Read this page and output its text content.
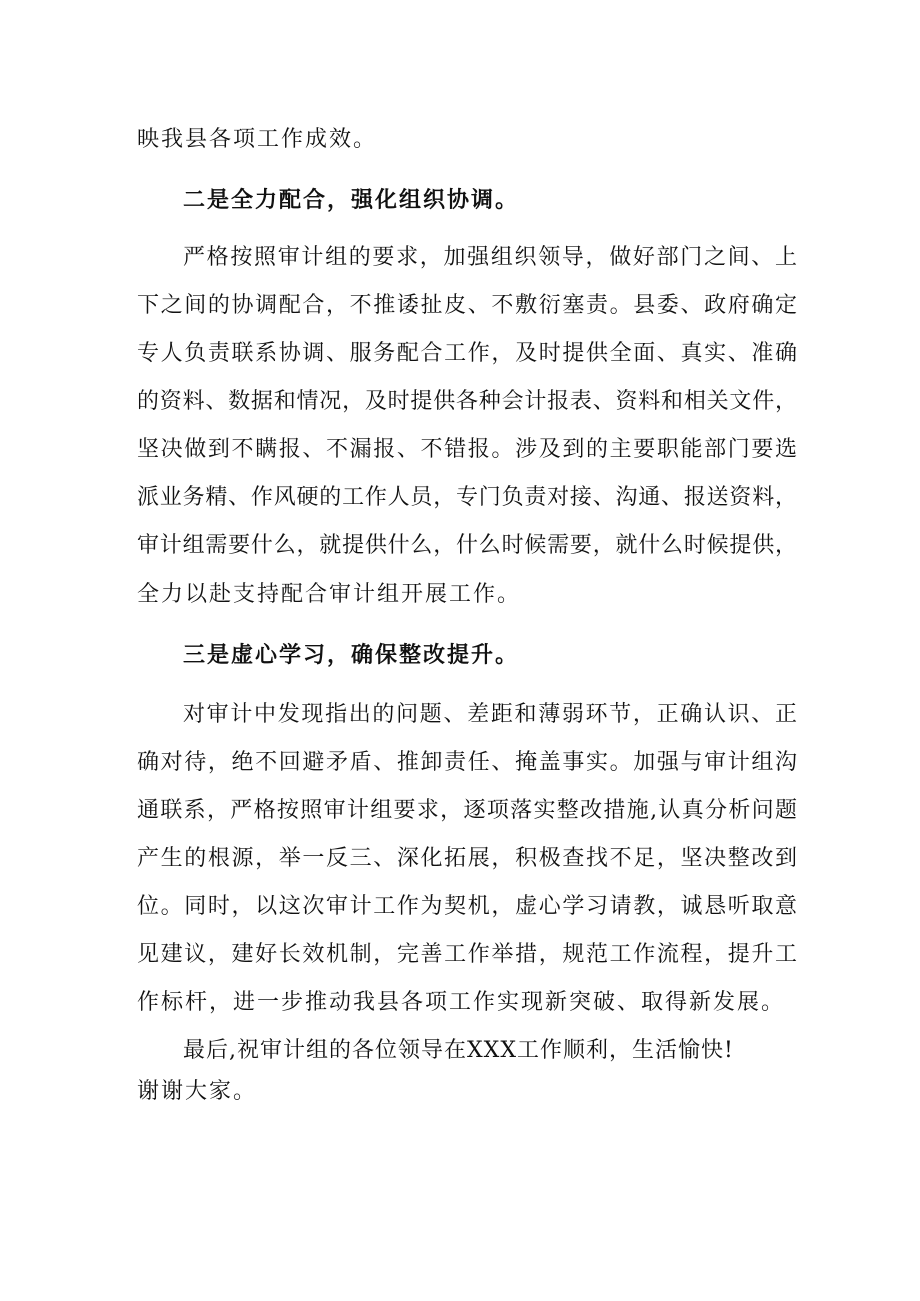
映我县各项工作成效。
二是全力配合，强化组织协调。
严格按照审计组的要求，加强组织领导，做好部门之间、上
下之间的协调配合，不推诿扯皮、不敷衍塞责。县委、政府确定
专人负责联系协调、服务配合工作，及时提供全面、真实、准确
的资料、数据和情况，及时提供各种会计报表、资料和相关文件，
坚决做到不瞒报、不漏报、不错报。涉及到的主要职能部门要选
派业务精、作风硬的工作人员，专门负责对接、沟通、报送资料，
审计组需要什么，就提供什么，什么时候需要，就什么时候提供，
全力以赴支持配合审计组开展工作。
三是虚心学习，确保整改提升。
对审计中发现指出的问题、差距和薄弱环节，正确认识、正
确对待，绝不回避矛盾、推卸责任、掩盖事实。加强与审计组沟
通联系，严格按照审计组要求，逐项落实整改措施,认真分析问题
产生的根源，举一反三、深化拓展，积极查找不足，坚决整改到
位。同时，以这次审计工作为契机，虚心学习请教，诚恳听取意
见建议，建好长效机制，完善工作举措，规范工作流程，提升工
作标杆，进一步推动我县各项工作实现新突破、取得新发展。
最后,祝审计组的各位领导在XXX工作顺利，生活愉快!
谢谢大家。
